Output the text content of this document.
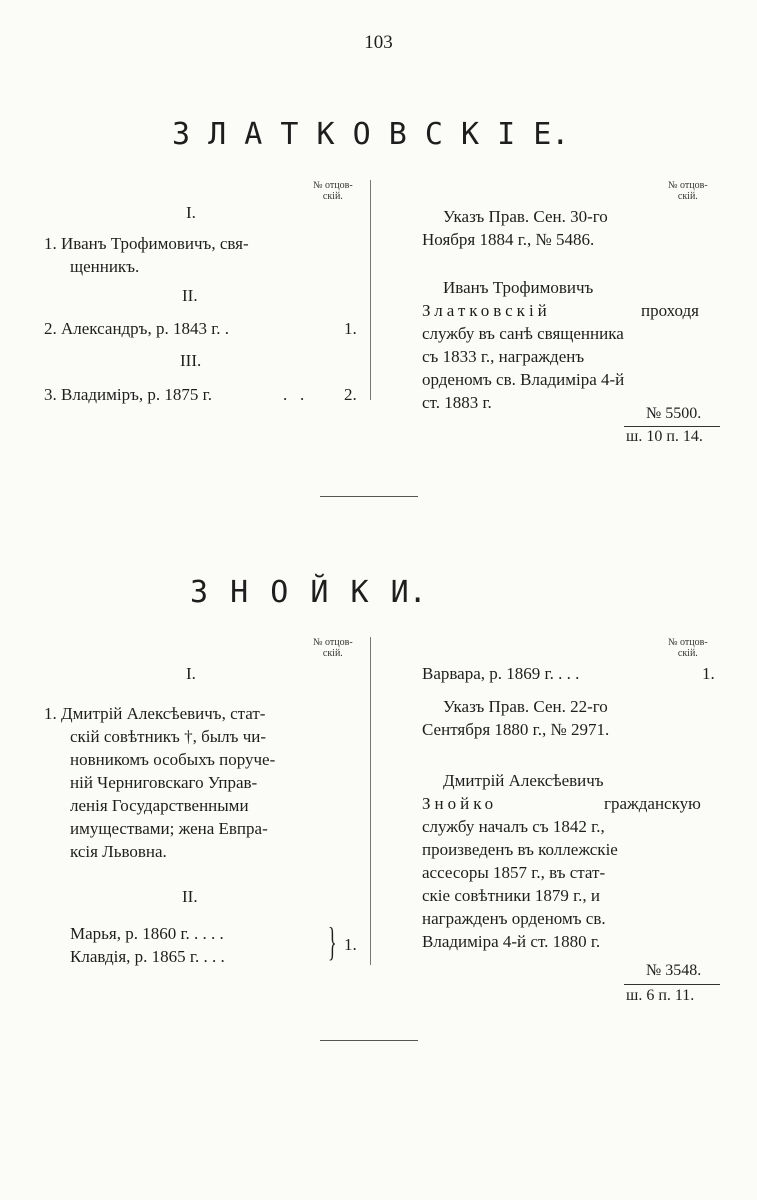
103
З Л А Т К О В С К І Е.
№ отцов-
скій.
№ отцов-
скій.
I.
1. Иванъ Трофимовичъ, свя-
щенникъ.
II.
2. Александръ, р. 1843 г. .	1.
III.
3. Владиміръ, р. 1875 г.	.   . 2.
Указъ Прав. Сен. 30-го
Ноября 1884 г., № 5486.
Иванъ Трофимовичъ
Златковскій	проходя
службу въ санѣ священника
съ 1833 г., награжденъ
орденомъ св. Владиміра 4-й
ст. 1883 г.
№ 5500.
ш. 10 п. 14.
З Н О Й К И.
№ отцов-
скій.
№ отцов-
скій.
I.
1. Дмитрій Алексѣевичъ, стат-
скій совѣтникъ †, былъ чи-
новникомъ особыхъ поруче-
ній Черниговскаго Управ-
ленія Государственными
имуществами; жена Евпра-
ксія Львовна.
II.
Марья, р. 1860 г. . . . .
Клавдія, р. 1865 г. . . .	} 1.
Варвара, р. 1869 г. . . .	1.
Указъ Прав. Сен. 22-го
Сентября 1880 г., № 2971.
Дмитрій Алексѣевичъ
Знойко	гражданскую
службу началъ съ 1842 г.,
произведенъ въ коллежскіе
ассесоры 1857 г., въ стат-
скіе совѣтники 1879 г., и
награжденъ орденомъ св.
Владиміра 4-й ст. 1880 г.
№ 3548.
ш. 6 п. 11.
